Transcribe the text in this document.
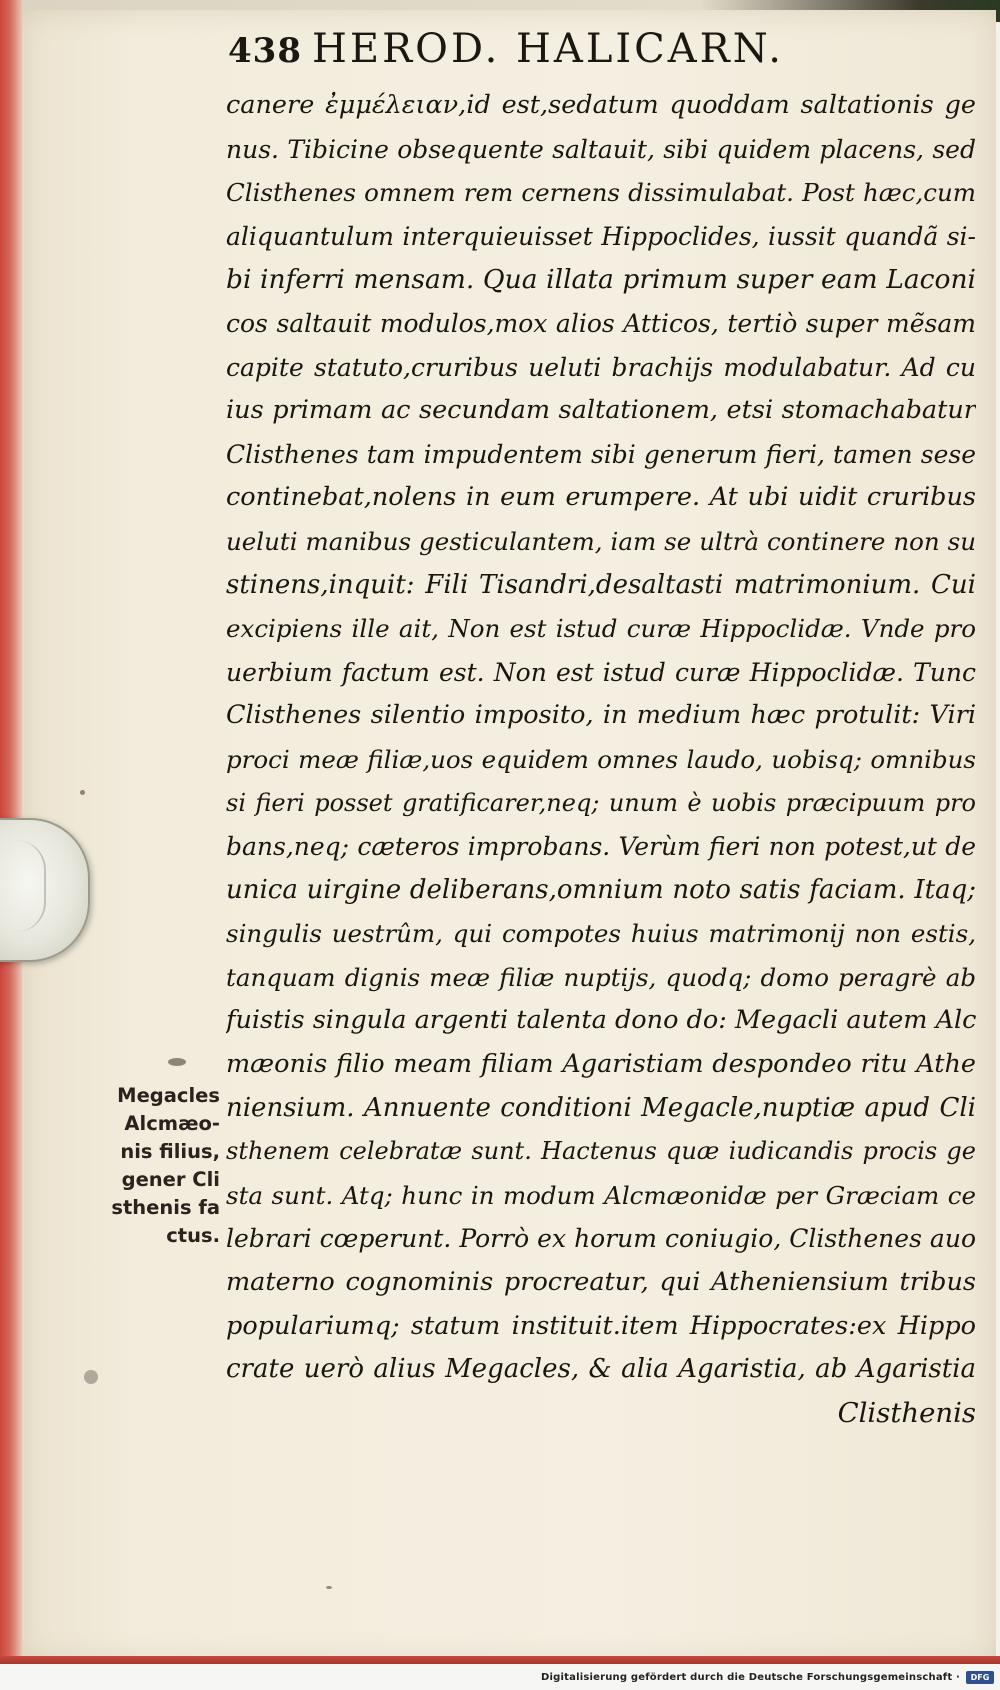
438 HEROD. HALICARN.
canere ἐμμέλειαν,id est,sedatum quoddam saltationis ge
nus. Tibicine obsequente saltauit, sibi quidem placens, sed
Clisthenes omnem rem cernens dissimulabat. Post hæc,cum
aliquantulum interquieuisset Hippoclides, iussit quandã si-
bi inferri mensam. Qua illata primum super eam Laconi
cos saltauit modulos,mox alios Atticos, tertiò super mẽsam
capite statuto,cruribus ueluti brachijs modulabatur. Ad cu
ius primam ac secundam saltationem, etsi stomachabatur
Clisthenes tam impudentem sibi generum fieri, tamen sese
continebat,nolens in eum erumpere. At ubi uidit cruribus
ueluti manibus gesticulantem, iam se ultrà continere non su
stinens,inquit: Fili Tisandri,desaltasti matrimonium. Cui
excipiens ille ait, Non est istud curæ Hippoclidæ. Vnde pro
uerbium factum est. Non est istud curæ Hippoclidæ. Tunc
Clisthenes silentio imposito, in medium hæc protulit: Viri
proci meæ filiæ,uos equidem omnes laudo, uobisq; omnibus
si fieri posset gratificarer,neq; unum è uobis præcipuum pro
bans,neq; cæteros improbans. Verùm fieri non potest,ut de
unica uirgine deliberans,omnium noto satis faciam. Itaq;
singulis uestrûm, qui compotes huius matrimonij non estis,
tanquam dignis meæ filiæ nuptijs, quodq; domo peragrè ab
fuistis singula argenti talenta dono do: Megacli autem Alc
mæonis filio meam filiam Agaristiam despondeo ritu Athe
niensium. Annuente conditioni Megacle,nuptiæ apud Cli
sthenem celebratæ sunt. Hactenus quæ iudicandis procis ge
sta sunt. Atq; hunc in modum Alcmæonidæ per Græciam ce
lebrari cœperunt. Porrò ex horum coniugio, Clisthenes auo
materno cognominis procreatur, qui Atheniensium tribus
populariumq; statum instituit.item Hippocrates:ex Hippo
crate uerò alius Megacles, & alia Agaristia, ab Agaristia
Clisthenis
Megacles
Alcmæo-
nis filius,
gener Cli
sthenis fa
ctus.
Digitalisierung gefördert durch die Deutsche Forschungsgemeinschaft ·	DFG
